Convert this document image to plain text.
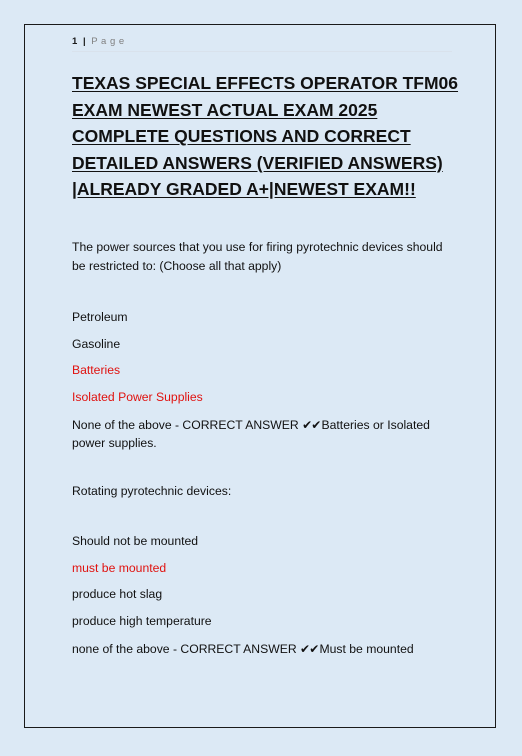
1 | P a g e
TEXAS SPECIAL EFFECTS OPERATOR TFM06 EXAM NEWEST ACTUAL EXAM 2025 COMPLETE QUESTIONS AND CORRECT DETAILED ANSWERS (VERIFIED ANSWERS) |ALREADY GRADED A+|NEWEST EXAM!!

The power sources that you use for firing pyrotechnic devices should be restricted to: (Choose all that apply)

Petroleum

Gasoline

Batteries

Isolated Power Supplies

None of the above - CORRECT ANSWER ✔✔Batteries or Isolated power supplies.

Rotating pyrotechnic devices:

Should not be mounted

must be mounted

produce hot slag

produce high temperature

none of the above - CORRECT ANSWER ✔✔Must be mounted
